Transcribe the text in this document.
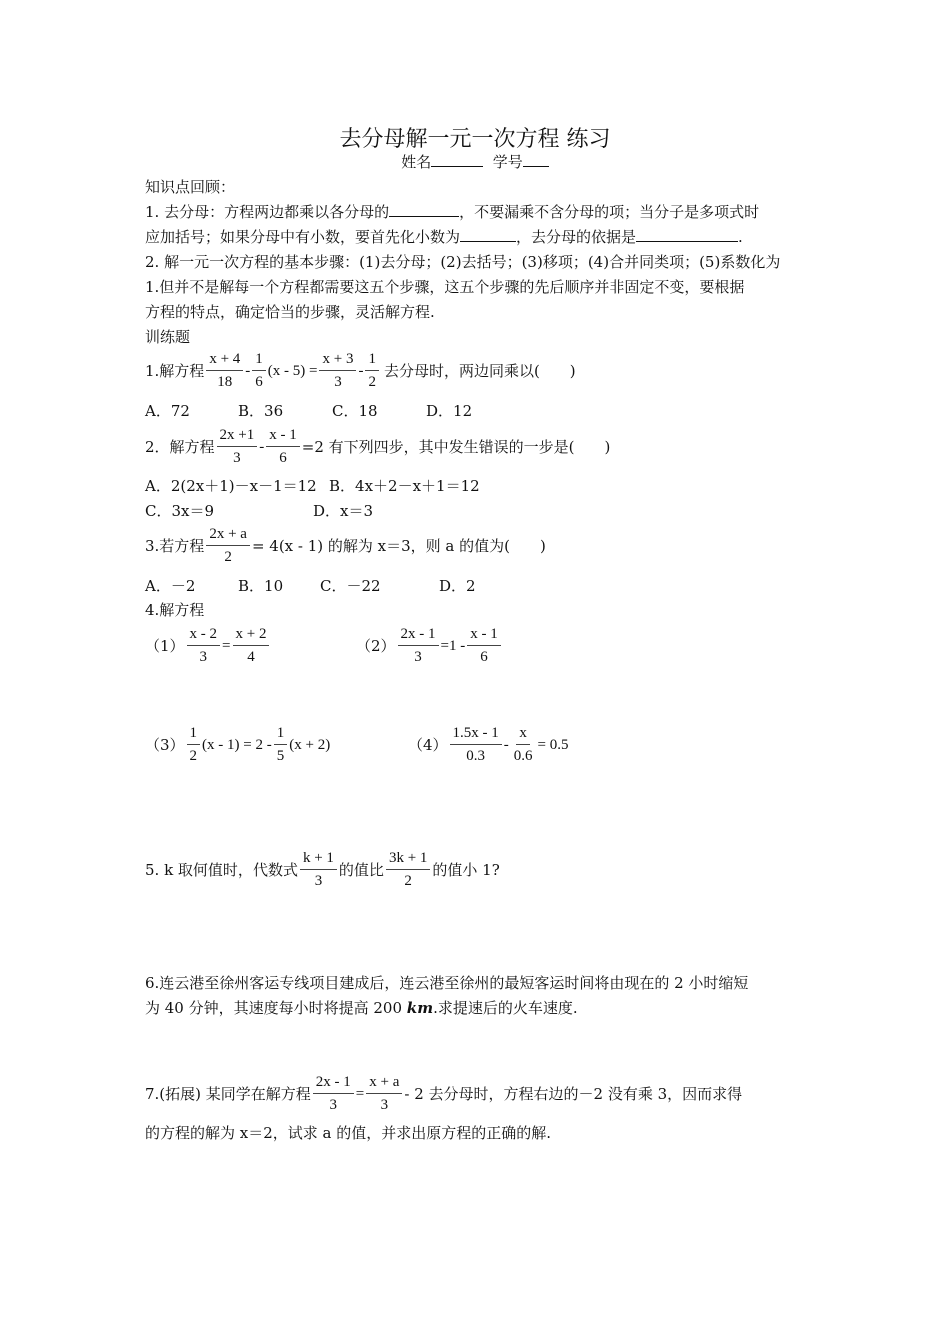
去分母解一元一次方程 练习
姓名	学号
知识点回顾：
1. 去分母：方程两边都乘以各分母的	，不要漏乘不含分母的项；当分子是多项式时
应加括号；如果分母中有小数，要首先化小数为	，去分母的依据是	.
2. 解一元一次方程的基本步骤：(1)去分母；(2)去括号；(3)移项；(4)合并同类项；(5)系数化为
1.但并不是解每一个方程都需要这五个步骤，这五个步骤的先后顺序并非固定不变，要根据
方程的特点，确定恰当的步骤，灵活解方程.
训练题
1.解方程 $\frac{x + 4}{18} - \frac{1}{6} (x - 5) = \frac{x + 3}{3} - \frac{1}{2}$ 去分母时，两边同乘以(　　)
A．72	B．36	C．18	D．12
2．解方程 $\frac{2x +1}{3} - \frac{x - 1}{6} =2$ 有下列四步，其中发生错误的一步是(　　)
A．2(2x＋1)－x－1＝12 B．4x＋2－x＋1＝12
C．3x＝9	D．x＝3
3.若方程 $\frac{2x + a}{2} = 4(x - 1)$ 的解为 x＝3，则 a 的值为(　　)
A．－2	B．10 C．－22	D．2
4.解方程
$(1) \frac{x - 2}{3} = \frac{x + 2}{4}$	$(2) \frac{2x - 1}{3} =1 - \frac{x - 1}{6}$
$(3) \frac{1}{2} (x - 1) = 2 - \frac{1}{5} (x + 2)$	$(4) \frac{1.5x - 1}{0.3} - \frac{x}{0.6} = 0.5$
5. k 取何值时，代数式 $\frac{k + 1}{3}$ 的值比 $\frac{3k + 1}{2}$ 的值小 1?
6.连云港至徐州客运专线项目建成后，连云港至徐州的最短客运时间将由现在的 2 小时缩短
为 40 分钟，其速度每小时将提高 200 km.求提速后的火车速度.
7.(拓展) 某同学在解方程 $\frac{2x - 1}{3} = \frac{x + a}{3} - 2$ 去分母时，方程右边的－2 没有乘 3，因而求得
的方程的解为 x＝2，试求 a 的值，并求出原方程的正确的解.
